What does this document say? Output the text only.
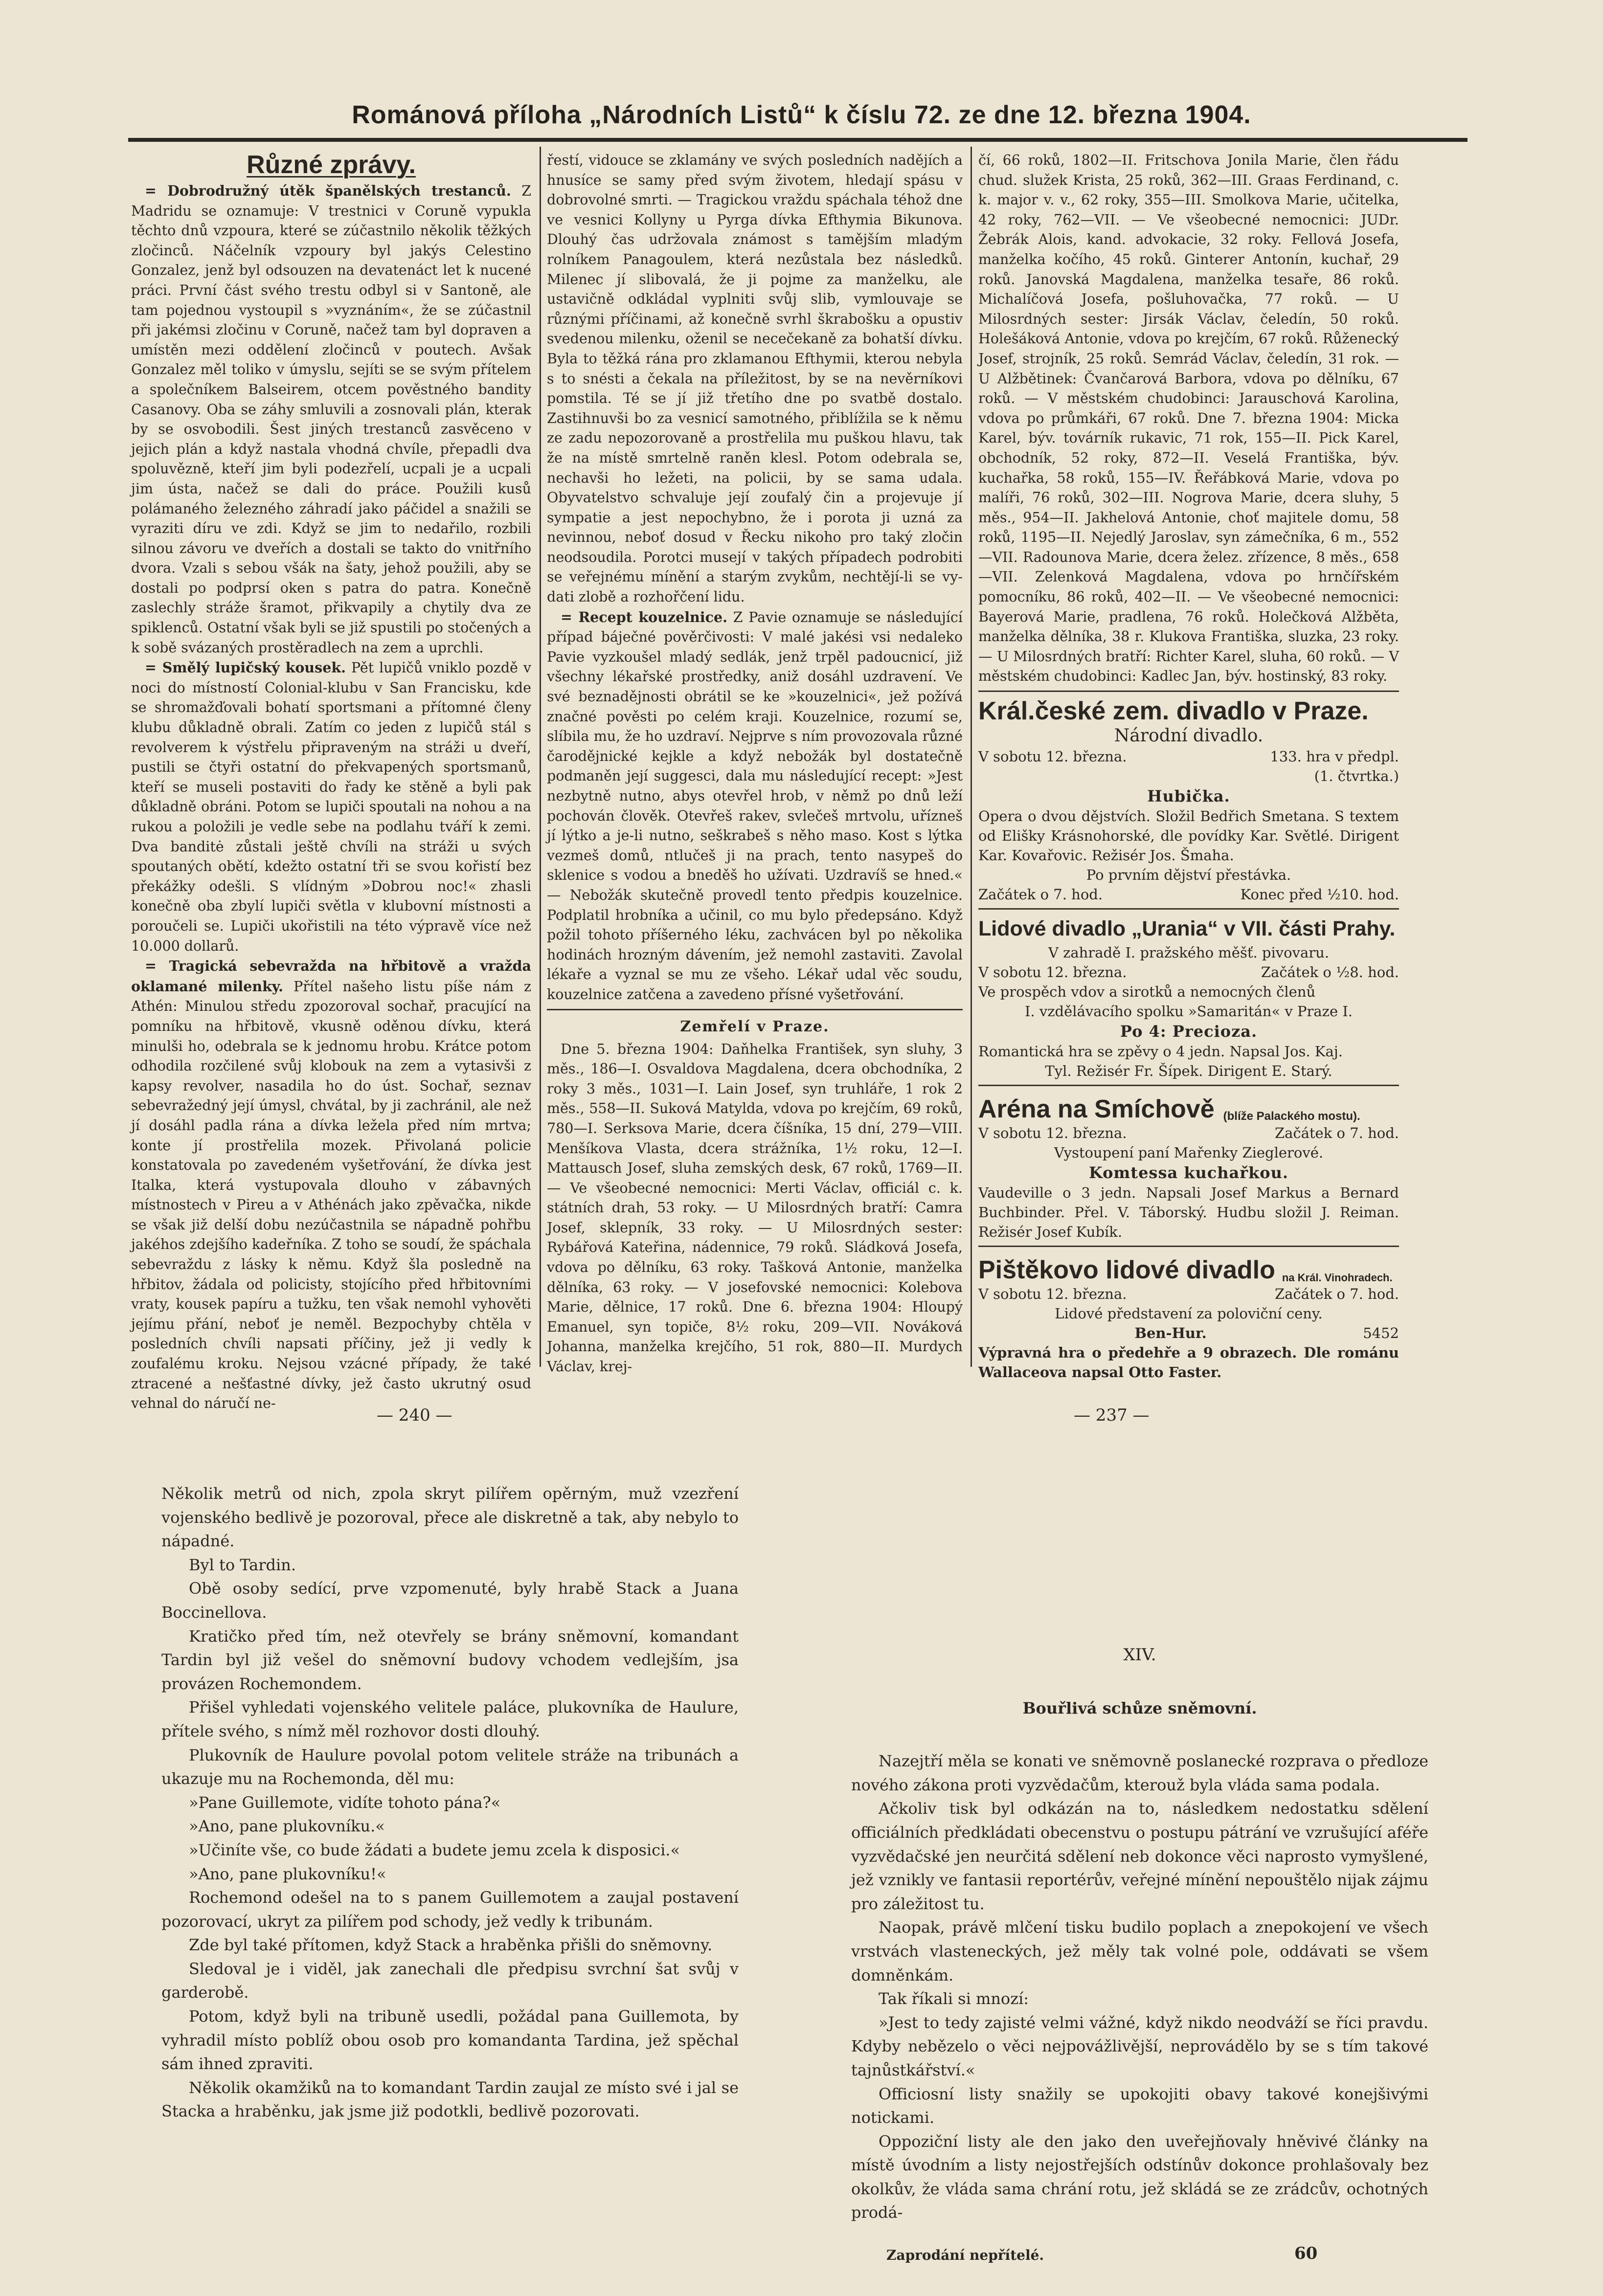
Románová příloha „Národních Listů“ k číslu 72. ze dne 12. března 1904.
Různé zprávy.

= Dobrodružný útěk španělských trestanců. Z Madridu se oznamuje: V trestnici v Coruně vypukla těchto dnů vzpoura, které se zúčastnilo několik těžkých zločinců. Náčelník vzpoury byl jakýs Celestino Gonzalez, jenž byl odsouzen na devatenáct let k nucené práci. První část svého trestu odbyl si v Santoně, ale tam pojednou vystoupil s »vyznáním«, že se zúčastnil při jakémsi zločinu v Coruně, načež tam byl dopraven a umístěn mezi oddělení zločinců v poutech. Avšak Gonzalez měl toliko v úmyslu, sejíti se se svým přítelem a společníkem Balseirem, otcem pověstného bandity Casanovy. Oba se záhy smluvili a zosnovali plán, kterak by se osvobodili. Šest jiných trestanců zasvěceno v jejich plán a když nastala vhodná chvíle, přepadli dva spoluvězně, kteří jim byli podezřelí, ucpali je a ucpali jim ústa, načež se dali do práce. Použili kusů polámaného železného záhradí jako páčidel a snažili se vyraziti díru ve zdi. Když se jim to nedařilo, rozbili silnou závoru ve dveřích a dostali se takto do vnitřního dvora. Vzali s sebou všák na šaty, jehož použili, aby se dostali po podprsí oken s patra do patra. Konečně zaslechly stráže šramot, přikvapily a chytily dva ze spiklenců. Ostatní však byli se již spustili po stočených a k sobě svázaných prostěradlech na zem a uprchli.

= Smělý lupičský kousek. Pět lupičů vniklo pozdě v noci do místností Colonial-klubu v San Francisku, kde se shromažďovali bohatí sportsmani a přítomné členy klubu důkladně obrali. Zatím co jeden z lupičů stál s revolverem k výstřelu připraveným na stráži u dveří, pustili se čtyři ostatní do překvapených sportsmanů, kteří se museli postaviti do řady ke stěně a byli pak důkladně obráni. Potom se lupiči spoutali na nohou a na rukou a položili je vedle sebe na podlahu tváří k zemi. Dva banditė zůstali ještě chvíli na stráži u svých spoutaných obětí, kdežto ostatní tři se svou kořistí bez překážky odešli. S vlídným »Dobrou noc!« zhasli konečně oba zbylí lupiči světla v klubovní místnosti a poroučeli se. Lupiči ukořistili na této výpravě více než 10.000 dollarů.

= Tragická sebevražda na hřbitově a vražda oklamané milenky. Přítel našeho listu píše nám z Athén: Minulou středu zpozoroval sochař, pracující na pomníku na hřbitově, vkusně oděnou dívku, která minulši ho, odebrala se k jednomu hrobu. Krátce potom odhodila rozčilené svůj klobouk na zem a vytasivši z kapsy revolver, nasadila ho do úst. Sochař, seznav sebevražedný její úmysl, chvátal, by ji zachránil, ale než jí dosáhl padla rána a dívka ležela před ním mrtva; konte jí prostřelila mozek. Přivolaná policie konstatovala po zavedeném vyšetřování, že dívka jest Italka, která vystupovala dlouho v zábavných místnostech v Pireu a v Athénách jako zpěvačka, nikde se však již delší dobu nezúčastnila se nápadně pohřbu jakéhos zdejšího kadeřníka. Z toho se soudí, že spáchala sebevraždu z lásky k němu. Když šla posledně na hřbitov, žádala od policisty, stojícího před hřbitovními vraty, kousek papíru a tužku, ten však nemohl vyhověti jejímu přání, neboť je neměl. Bezpochyby chtěla v posledních chvíli napsati příčiny, jež ji vedly k zoufalému kroku. Nejsou vzácné případy, že také ztracené a nešťastné dívky, jež často ukrutný osud vehnal do náručí ne-

řestí, vidouce se zklamány ve svých posledních nadějích a hnusíce se samy před svým životem, hledají spásu v dobrovolné smrti. — Tragickou vraždu spáchala téhož dne ve vesnici Kollyny u Pyrga dívka Efthymia Bikunova. Dlouhý čas udržovala známost s tamějším mladým rolníkem Panagoulem, která nezůstala bez následků. Milenec jí slibovalá, že ji pojme za manželku, ale ustavičně odkládal vyplniti svůj slib, vymlouvaje se různými příčinami, až konečně svrhl škrabošku a opustiv svedenou milenku, oženil se necečekaně za bohatší dívku. Byla to těžká rána pro zklamanou Efthymii, kterou nebyla s to snésti a čekala na příležitost, by se na nevěrníkovi pomstila. Té se jí již třetího dne po svatbě dostalo. Zastihnuvši bo za vesnicí samotného, přiblížila se k němu ze zadu nepozorovaně a prostřelila mu puškou hlavu, tak že na místě smrtelně raněn klesl. Potom odebrala se, nechavši ho ležeti, na policii, by se sama udala. Obyvatelstvo schvaluje její zoufalý čin a projevuje jí sympatie a jest nepochybno, že i porota ji uzná za nevinnou, neboť dosud v Řecku nikoho pro taký zločin neodsoudila. Porotci musejí v takých případech podrobiti se veřejnému mínění a starým zvykům, nechtějí-li se vydati zlobě a rozhořčení lidu.

= Recept kouzelnice. Z Pavie oznamuje se následující případ báječné pověrčivosti: V malé jakési vsi nedaleko Pavie vyzkoušel mladý sedlák, jenž trpěl padoucnicí, již všechny lékařské prostředky, aniž dosáhl uzdravení. Ve své beznadějnosti obrátil se ke »kouzelnici«, jež požívá značné pověsti po celém kraji. Kouzelnice, rozumí se, slíbila mu, že ho uzdraví. Nejprve s ním provozovala různé čarodějnické kejkle a když nebožák byl dostatečně podmaněn její suggesci, dala mu následující recept: »Jest nezbytně nutno, abys otevřel hrob, v němž po dnů leží pochován člověk. Otevřeš rakev, svlečeš mrtvolu, uřízneš jí lýtko a je-li nutno, seškrabeš s něho maso. Kost s lýtka vezmeš domů, ntlučeš ji na prach, tento nasypeš do sklenice s vodou a bneděš ho užívati. Uzdravíš se hned.« — Nebožák skutečně provedl tento předpis kouzelnice. Podplatil hrobníka a učinil, co mu bylo předepsáno. Když požil tohoto příšerného léku, zachvácen byl po několika hodinách hrozným dávením, jež nemohl zastaviti. Zavolal lékaře a vyznal se mu ze všeho. Lékař udal věc soudu, kouzelnice zatčena a zavedeno přísné vyšetřování.

Zemřelí v Praze.

Dne 5. března 1904: Daňhelka František, syn sluhy, 3 měs., 186—I. Osvaldova Magdalena, dcera obchodníka, 2 roky 3 měs., 1031—I. Lain Josef, syn truhláře, 1 rok 2 měs., 558—II. Suková Matylda, vdova po krejčím, 69 roků, 780—I. Serksova Marie, dcera číšníka, 15 dní, 279—VIII. Menšíkova Vlasta, dcera strážníka, 1½ roku, 12—I. Mattausch Josef, sluha zemských desk, 67 roků, 1769—II. — Ve všeobecné nemocnici: Merti Václav, officiál c. k. státních drah, 53 roky. — U Milosrdných bratří: Camra Josef, sklepník, 33 roky. — U Milosrdných sester: Rybářová Kateřina, nádennice, 79 roků. Sládková Josefa, vdova po dělníku, 63 roky. Tašková Antonie, manželka dělníka, 63 roky. — V josefovské nemocnici: Kolebova Marie, dělnice, 17 roků. Dne 6. března 1904: Hloupý Emanuel, syn topiče, 8½ roku, 209—VII. Nováková Johanna, manželka krejčího, 51 rok, 880—II. Murdych Václav, krej-

čí, 66 roků, 1802—II. Fritschova Jonila Marie, člen řádu chud. služek Krista, 25 roků, 362—III. Graas Ferdinand, c. k. major v. v., 62 roky, 355—III. Smolkova Marie, učitelka, 42 roky, 762—VII. — Ve všeobecné nemocnici: JUDr. Žebrák Alois, kand. advokacie, 32 roky. Fellová Josefa, manželka kočího, 45 roků. Ginterer Antonín, kuchař, 29 roků. Janovská Magdalena, manželka tesaře, 86 roků. Michalíčová Josefa, pošluhovačka, 77 roků. — U Milosrdných sester: Jirsák Václav, čeledín, 50 roků. Holešáková Antonie, vdova po krejčím, 67 roků. Růženecký Josef, strojník, 25 roků. Semrád Václav, čeledín, 31 rok. — U Alžbětinek: Čvančarová Barbora, vdova po dělníku, 67 roků. — V městském chudobinci: Jarauschová Karolina, vdova po průmkáři, 67 roků. Dne 7. března 1904: Micka Karel, býv. továrník rukavic, 71 rok, 155—II. Pick Karel, obchodník, 52 roky, 872—II. Veselá Františka, býv. kuchařka, 58 roků, 155—IV. Řeřábková Marie, vdova po malíři, 76 roků, 302—III. Nogrova Marie, dcera sluhy, 5 měs., 954—II. Jakhelová Antonie, choť majitele domu, 58 roků, 1195—II. Nejedlý Jaroslav, syn zámečníka, 6 m., 552—VII. Radounova Marie, dcera želez. zřízence, 8 měs., 658—VII. Zelenková Magdalena, vdova po hrnčířském pomocníku, 86 roků, 402—II. — Ve všeobecné nemocnici: Bayerová Marie, pradlena, 76 roků. Holečková Alžběta, manželka dělníka, 38 r. Klukova Františka, sluzka, 23 roky. — U Milosrdných bratří: Richter Karel, sluha, 60 roků. — V městském chudobinci: Kadlec Jan, býv. hostinský, 83 roky.

Král.české zem. divadlo v Praze.
Národní divadlo.
V sobotu 12. března.	133. hra v předpl.
(1. čtvrtka.)
Hubička.
Opera o dvou dějstvích. Složil Bedřich Smetana. S textem od Elišky Krásnohorské, dle povídky Kar. Světlé. Dirigent Kar. Kovařovic. Režisér Jos. Šmaha.
Po prvním dějství přestávka.
Začátek o 7. hod.	Konec před ½10. hod.
Lidové divadlo „Urania“ v VII. části Prahy.
V zahradě I. pražského měšť. pivovaru.
V sobotu 12. března.	Začátek o ½8. hod.
Ve prospěch vdov a sirotků a nemocných členů
I. vzdělávacího spolku »Samaritán« v Praze I.
Po 4: Precioza.
Romantická hra se zpěvy o 4 jedn. Napsal Jos. Kaj.
Tyl. Režisér Fr. Šípek. Dirigent E. Starý.
Aréna na Smíchově (blíže Palackého mostu).
V sobotu 12. března.	Začátek o 7. hod.
Vystoupení paní Mařenky Zieglerové.
Komtessa kuchařkou.
Vaudeville o 3 jedn. Napsali Josef Markus a Bernard Buchbinder. Přel. V. Táborský. Hudbu složil J. Reiman. Režisér Josef Kubík.
Pištěkovo lidové divadlo na Král. Vinohradech.
V sobotu 12. března.	Začátek o 7. hod.
Lidové představení za poloviční ceny.
Ben-Hur.	5452
Výpravná hra o předehře a 9 obrazech. Dle románu Wallaceova napsal Otto Faster.
— 240 —	— 237 —

Několik metrů od nich, zpola skryt pilířem opěrným, muž vzezření vojenského bedlivě je pozoroval, přece ale diskretně a tak, aby nebylo to nápadné.

Byl to Tardin.

Obě osoby sedící, prve vzpomenuté, byly hrabě Stack a Juana Boccinellova.

Kratičko před tím, než otevřely se brány sněmovní, komandant Tardin byl již vešel do sněmovní budovy vchodem vedlejším, jsa provázen Rochemondem.

Přišel vyhledati vojenského velitele paláce, plukovníka de Haulure, přítele svého, s nímž měl rozhovor dosti dlouhý.

Plukovník de Haulure povolal potom velitele stráže na tribunách a ukazuje mu na Rochemonda, děl mu:

»Pane Guillemote, vidíte tohoto pána?«

»Ano, pane plukovníku.«

»Učiníte vše, co bude žádati a budete jemu zcela k disposici.«

»Ano, pane plukovníku!«

Rochemond odešel na to s panem Guillemotem a zaujal postavení pozorovací, ukryt za pilířem pod schody, jež vedly k tribunám.

Zde byl také přítomen, když Stack a hraběnka přišli do sněmovny.

Sledoval je i viděl, jak zanechali dle předpisu svrchní šat svůj v garderobě.

Potom, když byli na tribuně usedli, požádal pana Guillemota, by vyhradil místo poblíž obou osob pro komandanta Tardina, jež spěchal sám ihned zpraviti.

Několik okamžiků na to komandant Tardin zaujal ze místo své i jal se Stacka a hraběnku, jak jsme již podotkli, bedlivě pozorovati.

XIV.
Bouřlivá schůze sněmovní.

Nazejtří měla se konati ve sněmovně poslanecké rozprava o předloze nového zákona proti vyzvědačům, kterouž byla vláda sama podala.

Ačkoliv tisk byl odkázán na to, následkem nedostatku sdělení officiálních předkládati obecenstvu o postupu pátrání ve vzrušující aféře vyzvědačské jen neurčitá sdělení neb dokonce věci naprosto vymyšlené, jež vznikly ve fantasii reportérův, veřejné mínění nepouštělo nijak zájmu pro záležitost tu.

Naopak, právě mlčení tisku budilo poplach a znepokojení ve všech vrstvách vlasteneckých, jež měly tak volné pole, oddávati se všem domněnkám.

Tak říkali si mnozí:

»Jest to tedy zajisté velmi vážné, když nikdo neodváží se říci pravdu. Kdyby nebězelo o věci nejpovážlivější, neprovádělo by se s tím takové tajnůstkářství.«

Officiosní listy snažily se upokojiti obavy takové konejšivými notickami.

Oppoziční listy ale den jako den uveřejňovaly hněvivé články na místě úvodním a listy nejostřejších odstínův dokonce prohlašovaly bez okolkův, že vláda sama chrání rotu, jež skládá se ze zrádcův, ochotných prodá-

Zaprodání nepřítelé.	60
